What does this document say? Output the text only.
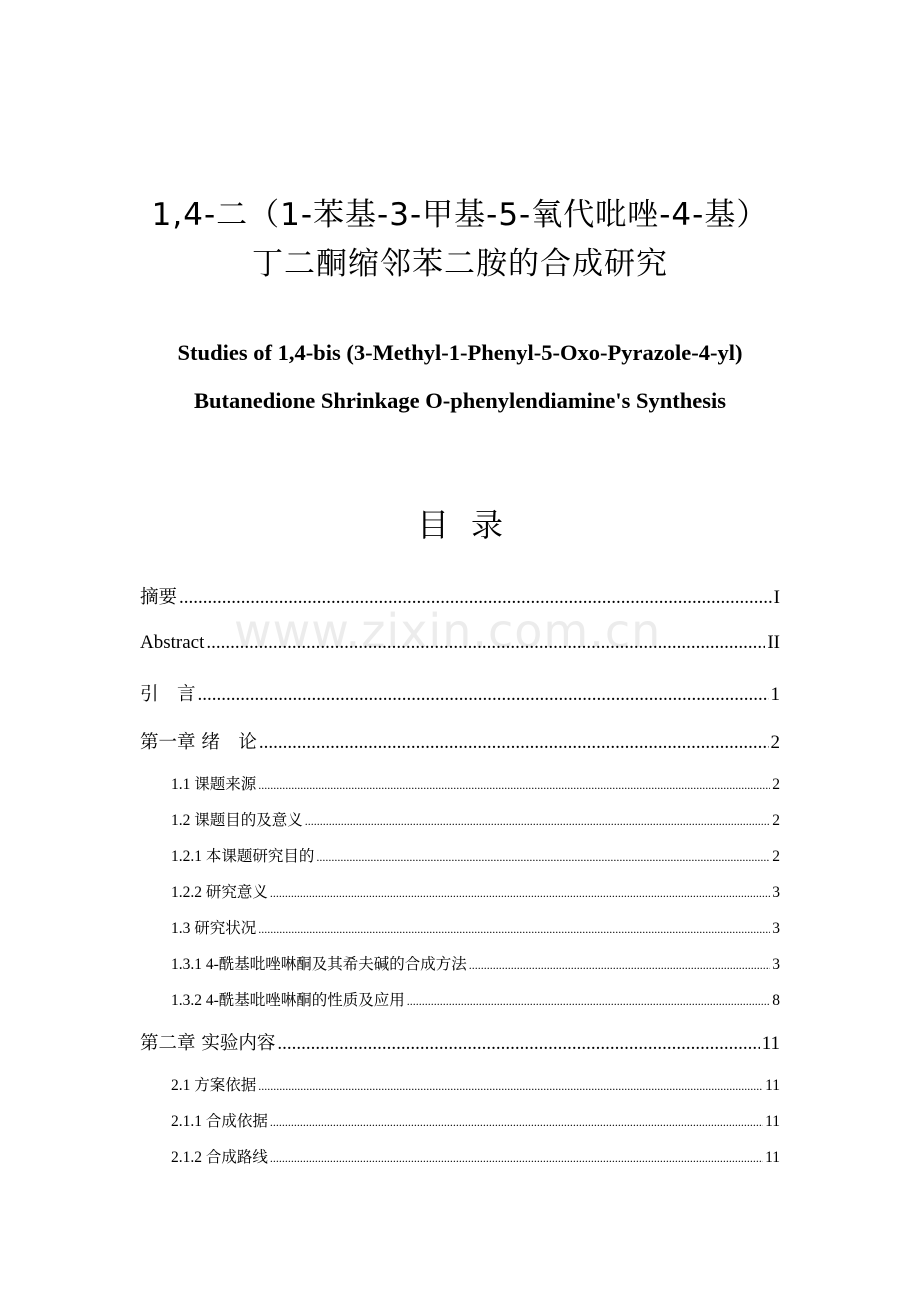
1,4-二（1-苯基-3-甲基-5-氧代吡唑-4-基）
丁二酮缩邻苯二胺的合成研究
Studies of 1,4-bis (3-Methyl-1-Phenyl-5-Oxo-Pyrazole-4-yl)
Butanedione Shrinkage O-phenylendiamine's Synthesis
目录
www.zixin.com.cn
摘要 .....	I
Abstract .....	II
引　言 .....	1
第一章 绪　论 .....	2
1.1 课题来源 .....	2
1.2 课题目的及意义 .....	2
1.2.1 本课题研究目的 .....	2
1.2.2 研究意义 .....	3
1.3 研究状况 .....	3
1.3.1 4-酰基吡唑啉酮及其希夫碱的合成方法 .....	3
1.3.2 4-酰基吡唑啉酮的性质及应用 .....	8
第二章 实验内容 .....	11
2.1 方案依据 .....	11
2.1.1 合成依据 .....	11
2.1.2 合成路线 .....	11
